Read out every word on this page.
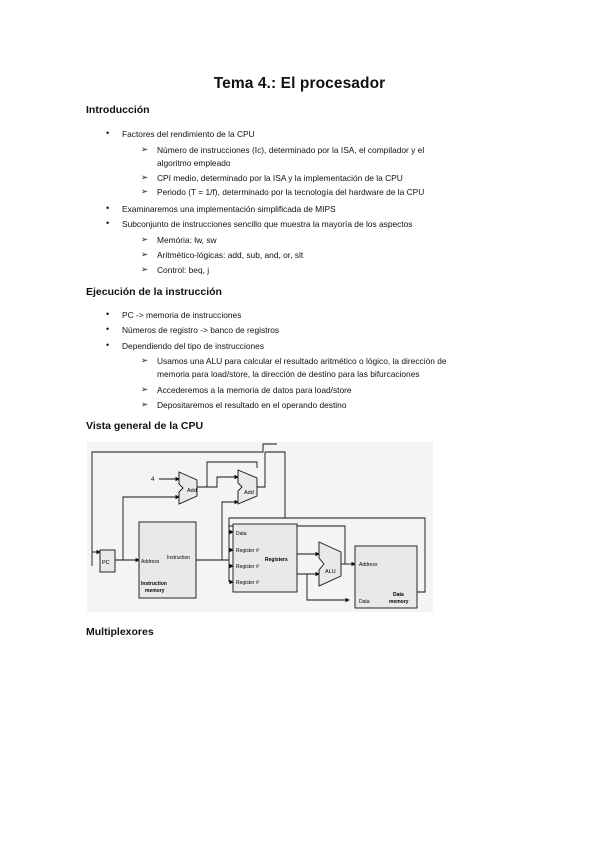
Tema 4.: El procesador
Introducción
• Factores del rendimiento de la CPU
➢ Número de instrucciones (Ic), determinado por la ISA, el compilador y el
algoritmo empleado
➢ CPI medio, determinado por la ISA y la implementación de la CPU
➢ Periodo (T = 1/f), determinado por la tecnología del hardware de la CPU
• Examinaremos una implementación simplificada de MIPS
• Subconjunto de instrucciones sencillo que muestra la mayoría de los aspectos
➢ Memória: lw, sw
➢ Aritmético-lógicas: add, sub, and, or, slt
➢ Control: beq, j
Ejecución de la instrucción
• PC -> memoria de instrucciones
• Números de registro -> banco de registros
• Dependiendo del tipo de instrucciones
➢ Usamos una ALU para calcular el resultado aritmético o lógico, la dirección de
memoria para load/store, la dirección de destino para las bifurcaciones
➢ Accederemos a la memoria de datos para load/store
➢ Depositaremos el resultado en el operando destino
Vista general de la CPU
Add
4
Add
PC	Address
Instruction
Instruction
memory
Data
Register #
Registers
Register #
Register #
ALU
Address
Data
Data
memory
Multiplexores
